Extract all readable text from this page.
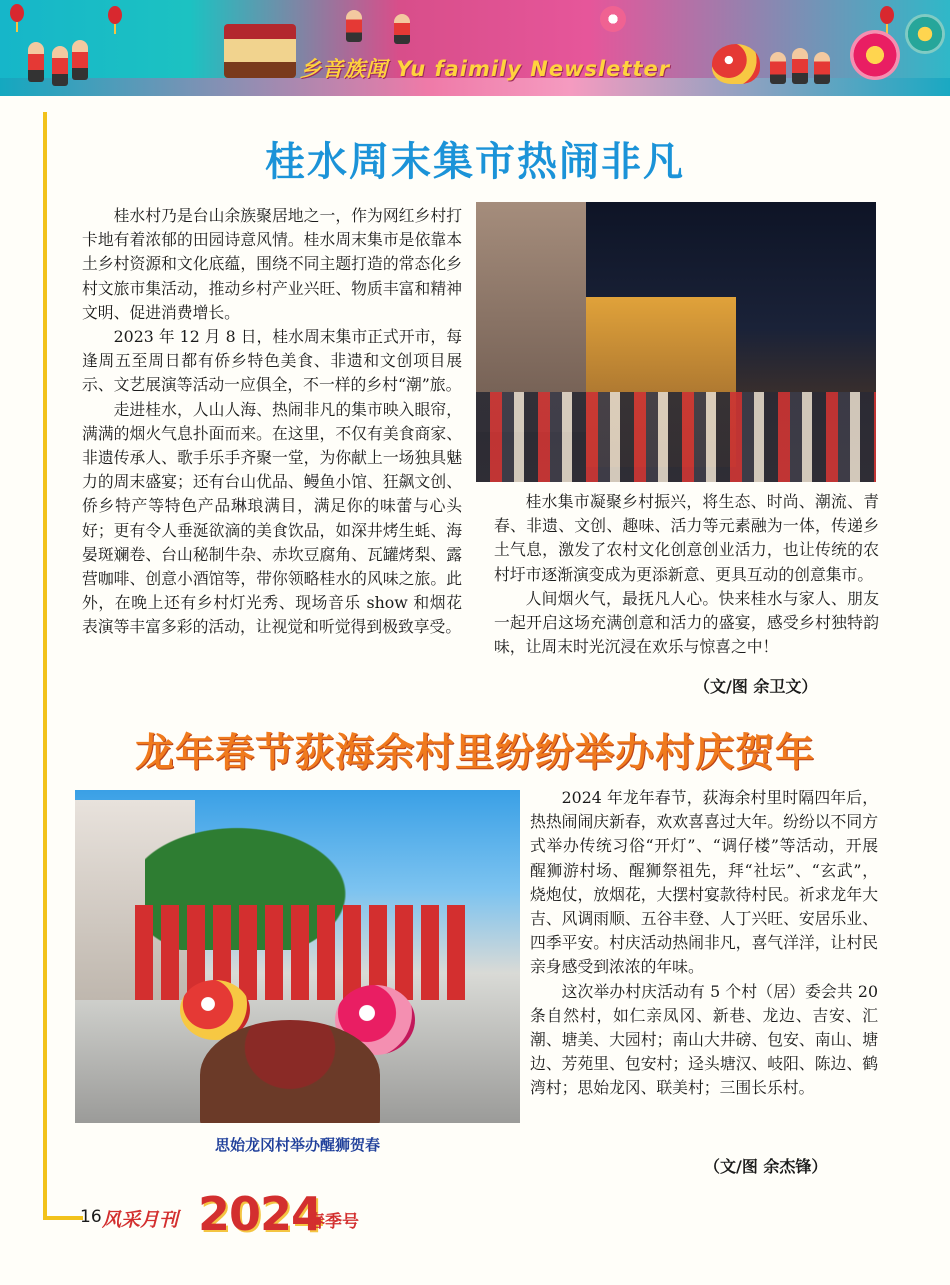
乡音族闻 Yu faimily Newsletter
桂水周末集市热闹非凡

桂水村乃是台山余族聚居地之一，作为网红乡村打卡地有着浓郁的田园诗意风情。桂水周末集市是依靠本土乡村资源和文化底蕴，围绕不同主题打造的常态化乡村文旅市集活动，推动乡村产业兴旺、物质丰富和精神文明、促进消费增长。

2023 年 12 月 8 日，桂水周末集市正式开市，每逢周五至周日都有侨乡特色美食、非遗和文创项目展示、文艺展演等活动一应俱全，不一样的乡村“潮”旅。

走进桂水，人山人海、热闹非凡的集市映入眼帘，满满的烟火气息扑面而来。在这里，不仅有美食商家、非遗传承人、歌手乐手齐聚一堂，为你献上一场独具魅力的周末盛宴；还有台山优品、鳗鱼小馆、狂飙文创、侨乡特产等特色产品琳琅满目，满足你的味蕾与心头好；更有令人垂涎欲滴的美食饮品，如深井烤生蚝、海晏斑斓卷、台山秘制牛杂、赤坎豆腐角、瓦罐烤梨、露营咖啡、创意小酒馆等，带你领略桂水的风味之旅。此外，在晚上还有乡村灯光秀、现场音乐 show 和烟花表演等丰富多彩的活动，让视觉和听觉得到极致享受。

桂水集市凝聚乡村振兴，将生态、时尚、潮流、青春、非遗、文创、趣味、活力等元素融为一体，传递乡土气息，激发了农村文化创意创业活力，也让传统的农村圩市逐渐演变成为更添新意、更具互动的创意集市。

人间烟火气，最抚凡人心。快来桂水与家人、朋友一起开启这场充满创意和活力的盛宴，感受乡村独特韵味，让周末时光沉浸在欢乐与惊喜之中！

（文/图 余卫文）
龙年春节荻海余村里纷纷举办村庆贺年
思始龙冈村举办醒狮贺春

2024 年龙年春节，荻海余村里时隔四年后，热热闹闹庆新春，欢欢喜喜过大年。纷纷以不同方式举办传统习俗“开灯”、“调仔楼”等活动，开展醒狮游村场、醒狮祭祖先，拜“社坛”、“玄武”，烧炮仗，放烟花，大摆村宴款待村民。祈求龙年大吉、风调雨顺、五谷丰登、人丁兴旺、安居乐业、四季平安。村庆活动热闹非凡，喜气洋洋，让村民亲身感受到浓浓的年味。

这次举办村庆活动有 5 个村（居）委会共 20 条自然村，如仁亲凤冈、新巷、龙边、吉安、汇潮、塘美、大园村；南山大井磅、包安、南山、塘边、芳苑里、包安村；迳头塘汉、岐阳、陈边、鹤湾村；思始龙冈、联美村；三围长乐村。

（文/图 余杰锋）
16 风采月刊 2024
春季号
